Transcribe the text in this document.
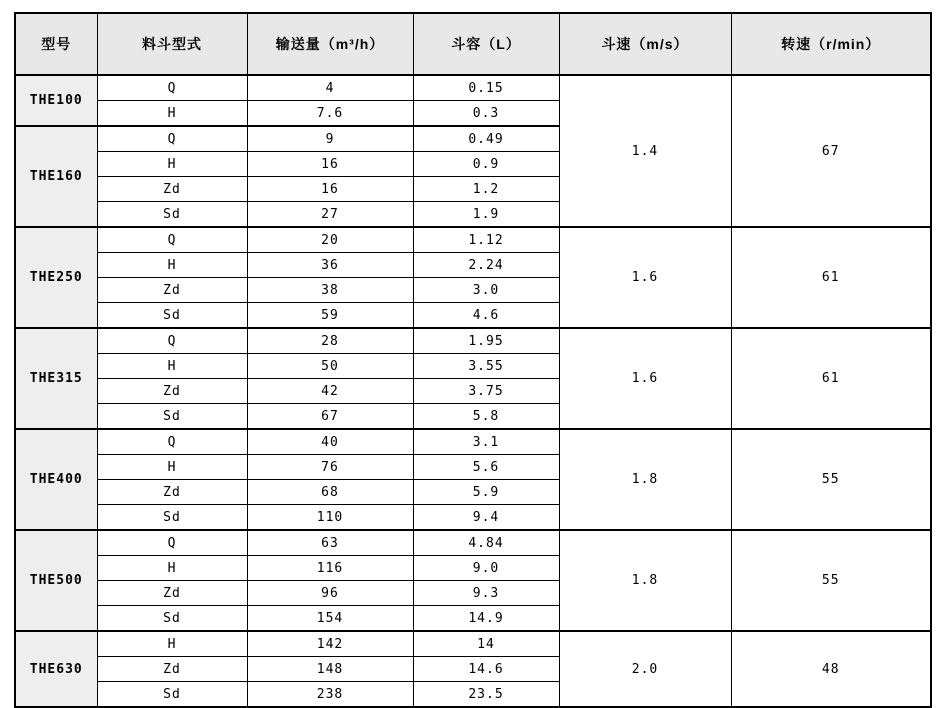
型号	料斗型式	输送量（m³/h）	斗容（L）	斗速（m/s）	转速（r/min）
THE100	Q	4	0.15	1.4	67
	H	7.6	0.3		
THE160	Q	9	0.49		
	H	16	0.9		
	Zd	16	1.2		
	Sd	27	1.9		
THE250	Q	20	1.12	1.6	61
	H	36	2.24		
	Zd	38	3.0		
	Sd	59	4.6		
THE315	Q	28	1.95	1.6	61
	H	50	3.55		
	Zd	42	3.75		
	Sd	67	5.8		
THE400	Q	40	3.1	1.8	55
	H	76	5.6		
	Zd	68	5.9		
	Sd	110	9.4		
THE500	Q	63	4.84	1.8	55
	H	116	9.0		
	Zd	96	9.3		
	Sd	154	14.9		
THE630	H	142	14	2.0	48
	Zd	148	14.6		
	Sd	238	23.5		
